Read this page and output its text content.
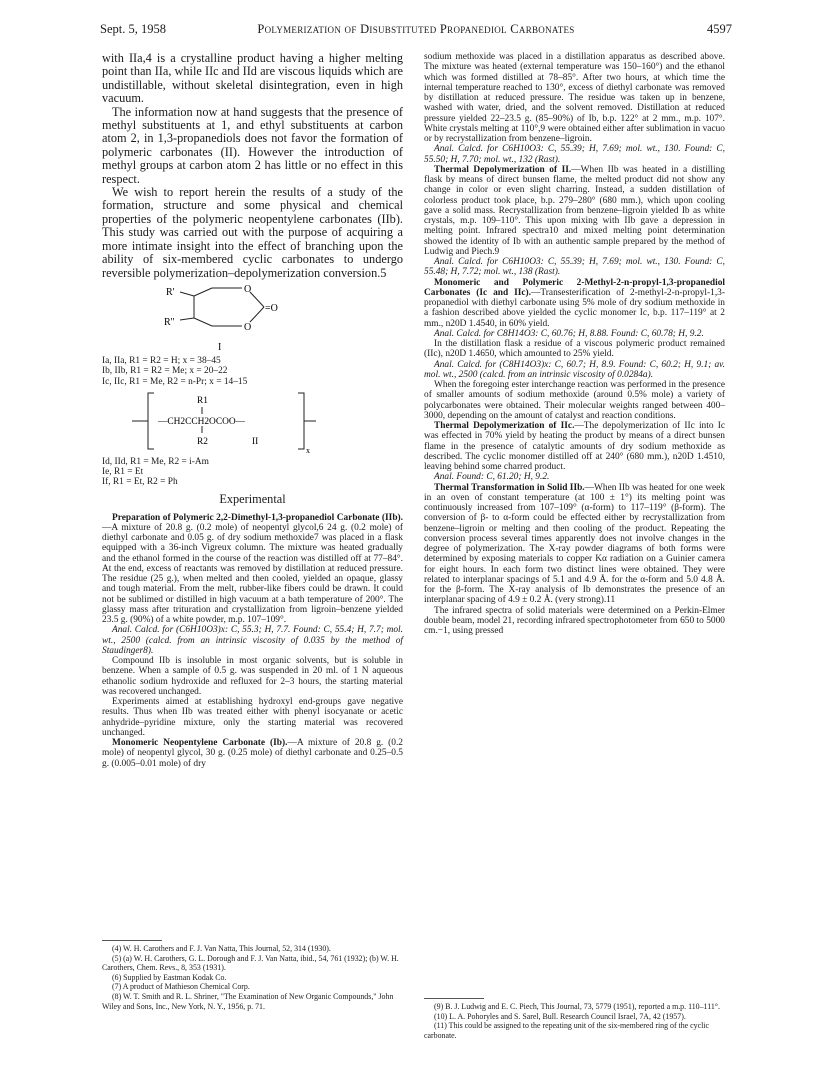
Sept. 5, 1958	Polymerization of Disubstituted Propanediol Carbonates	4597

with IIa,4 is a crystalline product having a higher melting point than IIa, while IIc and IId are viscous liquids which are undistillable, without skeletal disintegration, even in high vacuum.

The information now at hand suggests that the presence of methyl substituents at 1, and ethyl substituents at carbon atom 2, in 1,3-propanediols does not favor the formation of polymeric carbonates (II). However the introduction of methyl groups at carbon atom 2 has little or no effect in this respect.

We wish to report herein the results of a study of the formation, structure and some physical and chemical properties of the polymeric neopentylene carbonates (IIb). This study was carried out with the purpose of acquiring a more intimate insight into the effect of branching upon the ability of six-membered cyclic carbonates to undergo reversible polymerization–depolymerization conversion.5

R'
R''
O
O
=O
I
Ia, IIa, R1 = R2 = H; x = 38–45
Ib, IIb, R1 = R2 = Me; x = 20–22
Ic, IIc, R1 = Me, R2 = n-Pr; x = 14–15
R1
—CH2CCH2OCOO—
R2	II
x
Id, IId, R1 = Me, R2 = i-Am
Ie, R1 = Et
If, R1 = Et, R2 = Ph
Experimental

Preparation of Polymeric 2,2-Dimethyl-1,3-propanediol Carbonate (IIb).—A mixture of 20.8 g. (0.2 mole) of neopentyl glycol,6 24 g. (0.2 mole) of diethyl carbonate and 0.05 g. of dry sodium methoxide7 was placed in a flask equipped with a 36-inch Vigreux column. The mixture was heated gradually and the ethanol formed in the course of the reaction was distilled off at 77–84°. At the end, excess of reactants was removed by distillation at reduced pressure. The residue (25 g.), when melted and then cooled, yielded an opaque, glassy and tough material. From the melt, rubber-like fibers could be drawn. It could not be sublimed or distilled in high vacuum at a bath temperature of 200°. The glassy mass after trituration and crystallization from ligroin–benzene yielded 23.5 g. (90%) of a white powder, m.p. 107–109°.

Anal. Calcd. for (C6H10O3)x: C, 55.3; H, 7.7. Found: C, 55.4; H, 7.7; mol. wt., 2500 (calcd. from an intrinsic viscosity of 0.035 by the method of Staudinger8).

Compound IIb is insoluble in most organic solvents, but is soluble in benzene. When a sample of 0.5 g. was suspended in 20 ml. of 1 N aqueous ethanolic sodium hydroxide and refluxed for 2–3 hours, the starting material was recovered unchanged.

Experiments aimed at establishing hydroxyl end-groups gave negative results. Thus when IIb was treated either with phenyl isocyanate or acetic anhydride–pyridine mixture, only the starting material was recovered unchanged.

Monomeric Neopentylene Carbonate (Ib).—A mixture of 20.8 g. (0.2 mole) of neopentyl glycol, 30 g. (0.25 mole) of diethyl carbonate and 0.25–0.5 g. (0.005–0.01 mole) of dry

(4) W. H. Carothers and F. J. Van Natta, This Journal, 52, 314 (1930).

(5) (a) W. H. Carothers, G. L. Dorough and F. J. Van Natta, ibid., 54, 761 (1932); (b) W. H. Carothers, Chem. Revs., 8, 353 (1931).

(6) Supplied by Eastman Kodak Co.

(7) A product of Mathieson Chemical Corp.

(8) W. T. Smith and R. L. Shriner, "The Examination of New Organic Compounds," John Wiley and Sons, Inc., New York, N. Y., 1956, p. 71.

sodium methoxide was placed in a distillation apparatus as described above. The mixture was heated (external temperature was 150–160°) and the ethanol which was formed distilled at 78–85°. After two hours, at which time the internal temperature reached to 130°, excess of diethyl carbonate was removed by distillation at reduced pressure. The residue was taken up in benzene, washed with water, dried, and the solvent removed. Distillation at reduced pressure yielded 22–23.5 g. (85–90%) of Ib, b.p. 122° at 2 mm., m.p. 107°. White crystals melting at 110°,9 were obtained either after sublimation in vacuo or by recrystallization from benzene–ligroin.

Anal. Calcd. for C6H10O3: C, 55.39; H, 7.69; mol. wt., 130. Found: C, 55.50; H, 7.70; mol. wt., 132 (Rast).

Thermal Depolymerization of II.—When IIb was heated in a distilling flask by means of direct bunsen flame, the melted product did not show any change in color or even slight charring. Instead, a sudden distillation of colorless product took place, b.p. 279–280° (680 mm.), which upon cooling gave a solid mass. Recrystallization from benzene–ligroin yielded Ib as white crystals, m.p. 109–110°. This upon mixing with IIb gave a depression in melting point. Infrared spectra10 and mixed melting point determination showed the identity of Ib with an authentic sample prepared by the method of Ludwig and Piech.9

Anal. Calcd. for C6H10O3: C, 55.39; H, 7.69; mol. wt., 130. Found: C, 55.48; H, 7.72; mol. wt., 138 (Rast).

Monomeric and Polymeric 2-Methyl-2-n-propyl-1,3-propanediol Carbonates (Ic and IIc).—Transesterification of 2-methyl-2-n-propyl-1,3-propanediol with diethyl carbonate using 5% mole of dry sodium methoxide in a fashion described above yielded the cyclic monomer Ic, b.p. 117–119° at 2 mm., n20D 1.4540, in 60% yield.

Anal. Calcd. for C8H14O3: C, 60.76; H, 8.88. Found: C, 60.78; H, 9.2.

In the distillation flask a residue of a viscous polymeric product remained (IIc), n20D 1.4650, which amounted to 25% yield.

Anal. Calcd. for (C8H14O3)x: C, 60.7; H, 8.9. Found: C, 60.2; H, 9.1; av. mol. wt., 2500 (calcd. from an intrinsic viscosity of 0.0284a).

When the foregoing ester interchange reaction was performed in the presence of smaller amounts of sodium methoxide (around 0.5% mole) a variety of polycarbonates were obtained. Their molecular weights ranged between 400–3000, depending on the amount of catalyst and reaction conditions.

Thermal Depolymerization of IIc.—The depolymerization of IIc into Ic was effected in 70% yield by heating the product by means of a direct bunsen flame in the presence of catalytic amounts of dry sodium methoxide as described. The cyclic monomer distilled off at 240° (680 mm.), n20D 1.4510, leaving behind some charred product.

Anal. Found: C, 61.20; H, 9.2.

Thermal Transformation in Solid IIb.—When IIb was heated for one week in an oven of constant temperature (at 100 ± 1°) its melting point was continuously increased from 107–109° (α-form) to 117–119° (β-form). The conversion of β- to α-form could be effected either by recrystallization from benzene–ligroin or melting and then cooling of the product. Repeating the conversion process several times apparently does not involve changes in the degree of polymerization. The X-ray powder diagrams of both forms were determined by exposing materials to copper Kα radiation on a Guinier camera for eight hours. In each form two distinct lines were obtained. They were related to interplanar spacings of 5.1 and 4.9 Å. for the α-form and 5.0 4.8 Å. for the β-form. The X-ray analysis of Ib demonstrates the presence of an interplanar spacing of 4.9 ± 0.2 Å. (very strong).11

The infrared spectra of solid materials were determined on a Perkin-Elmer double beam, model 21, recording infrared spectrophotometer from 650 to 5000 cm.−1, using pressed

(9) B. J. Ludwig and E. C. Piech, This Journal, 73, 5779 (1951), reported a m.p. 110–111°.

(10) L. A. Pohoryles and S. Sarel, Bull. Research Council Israel, 7A, 42 (1957).

(11) This could be assigned to the repeating unit of the six-membered ring of the cyclic carbonate.
